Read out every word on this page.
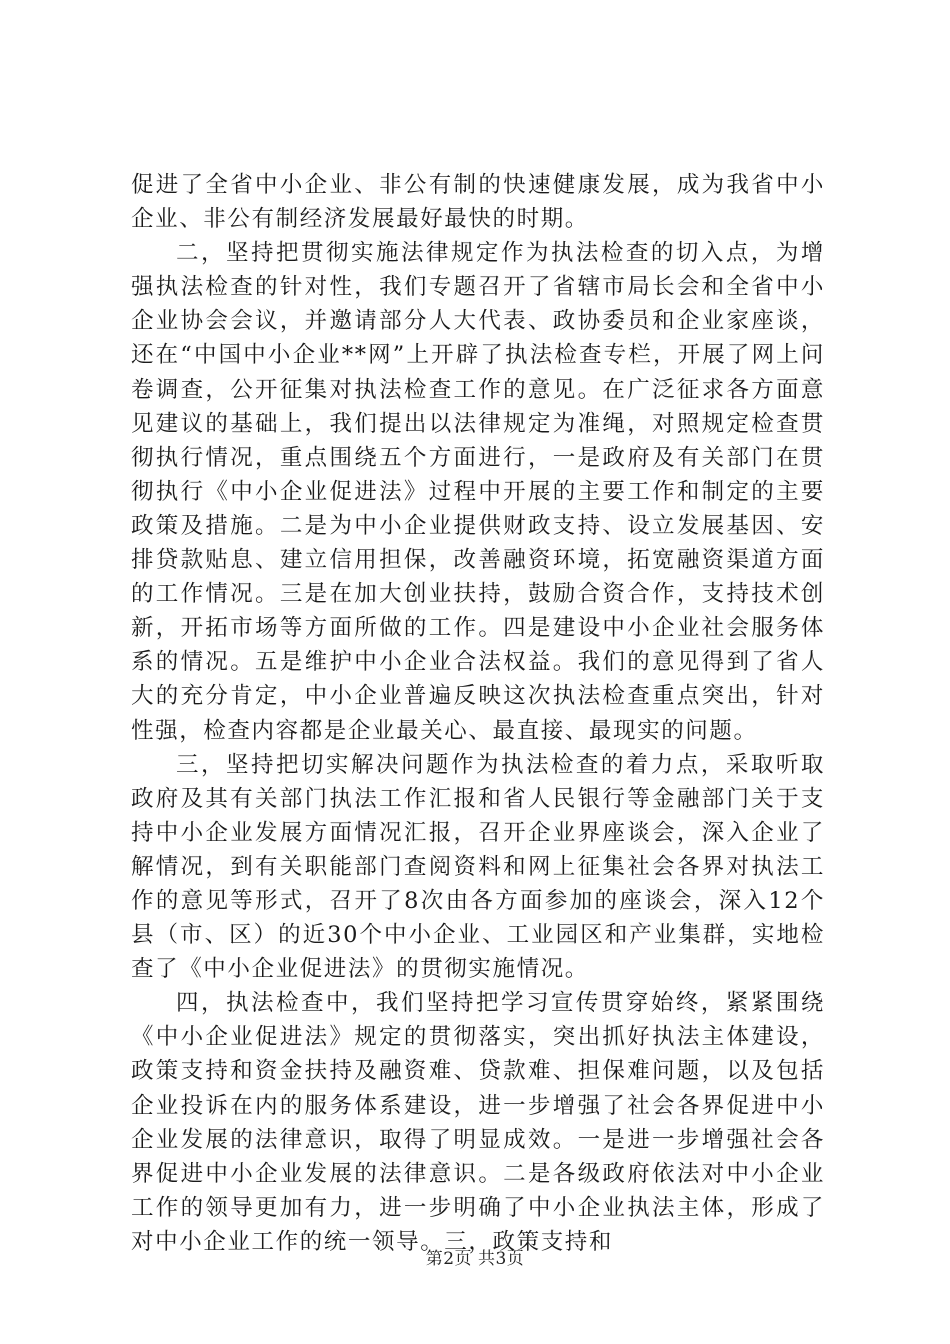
促进了全省中小企业、非公有制的快速健康发展，成为我省中小企业、非公有制经济发展最好最快的时期。

二，坚持把贯彻实施法律规定作为执法检查的切入点，为增强执法检查的针对性，我们专题召开了省辖市局长会和全省中小企业协会会议，并邀请部分人大代表、政协委员和企业家座谈，还在“中国中小企业**网”上开辟了执法检查专栏，开展了网上问卷调查，公开征集对执法检查工作的意见。在广泛征求各方面意见建议的基础上，我们提出以法律规定为准绳，对照规定检查贯彻执行情况，重点围绕五个方面进行，一是政府及有关部门在贯彻执行《中小企业促进法》过程中开展的主要工作和制定的主要政策及措施。二是为中小企业提供财政支持、设立发展基因、安排贷款贴息、建立信用担保，改善融资环境，拓宽融资渠道方面的工作情况。三是在加大创业扶持，鼓励合资合作，支持技术创新，开拓市场等方面所做的工作。四是建设中小企业社会服务体系的情况。五是维护中小企业合法权益。我们的意见得到了省人大的充分肯定，中小企业普遍反映这次执法检查重点突出，针对性强，检查内容都是企业最关心、最直接、最现实的问题。

三，坚持把切实解决问题作为执法检查的着力点，采取听取政府及其有关部门执法工作汇报和省人民银行等金融部门关于支持中小企业发展方面情况汇报，召开企业界座谈会，深入企业了解情况，到有关职能部门查阅资料和网上征集社会各界对执法工作的意见等形式，召开了8次由各方面参加的座谈会，深入12个县（市、区）的近30个中小企业、工业园区和产业集群，实地检查了《中小企业促进法》的贯彻实施情况。

四，执法检查中，我们坚持把学习宣传贯穿始终，紧紧围绕《中小企业促进法》规定的贯彻落实，突出抓好执法主体建设，政策支持和资金扶持及融资难、贷款难、担保难问题，以及包括企业投诉在内的服务体系建设，进一步增强了社会各界促进中小企业发展的法律意识，取得了明显成效。一是进一步增强社会各界促进中小企业发展的法律意识。二是各级政府依法对中小企业工作的领导更加有力，进一步明确了中小企业执法主体，形成了对中小企业工作的统一领导。三，政策支持和

第2页 共3页
